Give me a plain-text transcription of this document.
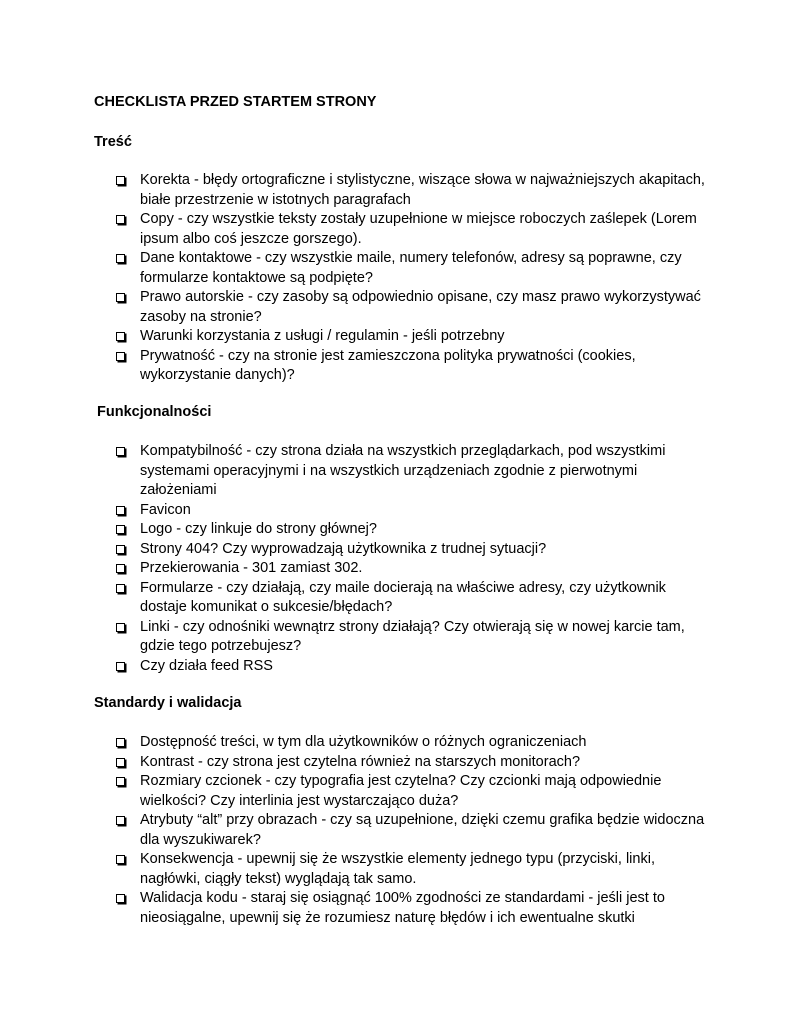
CHECKLISTA PRZED STARTEM STRONY
Treść
Korekta - błędy ortograficzne i stylistyczne, wiszące słowa w najważniejszych akapitach, białe przestrzenie w istotnych paragrafach
Copy - czy wszystkie teksty zostały uzupełnione w miejsce roboczych zaślepek (Lorem ipsum albo coś jeszcze gorszego).
Dane kontaktowe - czy wszystkie maile, numery telefonów, adresy są poprawne, czy formularze kontaktowe są podpięte?
Prawo autorskie - czy zasoby są odpowiednio opisane, czy masz prawo wykorzystywać zasoby na stronie?
Warunki korzystania z usługi / regulamin - jeśli potrzebny
Prywatność - czy na stronie jest zamieszczona polityka prywatności (cookies, wykorzystanie danych)?
Funkcjonalności
Kompatybilność - czy strona działa na wszystkich przeglądarkach, pod wszystkimi systemami operacyjnymi i na wszystkich urządzeniach zgodnie z pierwotnymi założeniami
Favicon
Logo - czy linkuje do strony głównej?
Strony 404? Czy wyprowadzają użytkownika z trudnej sytuacji?
Przekierowania - 301 zamiast 302.
Formularze - czy działają, czy maile docierają na właściwe adresy, czy użytkownik dostaje komunikat o sukcesie/błędach?
Linki - czy odnośniki wewnątrz strony działają? Czy otwierają się w nowej karcie tam, gdzie tego potrzebujesz?
Czy działa feed RSS
Standardy i walidacja
Dostępność treści, w tym dla użytkowników o różnych ograniczeniach
Kontrast - czy strona jest czytelna również na starszych monitorach?
Rozmiary czcionek - czy typografia jest czytelna? Czy czcionki mają odpowiednie wielkości? Czy interlinia jest wystarczająco duża?
Atrybuty “alt” przy obrazach - czy są uzupełnione, dzięki czemu grafika będzie widoczna dla wyszukiwarek?
Konsekwencja - upewnij się że wszystkie elementy jednego typu (przyciski, linki, nagłówki, ciągły tekst) wyglądają tak samo.
Walidacja kodu - staraj się osiągnąć 100% zgodności ze standardami - jeśli jest to nieosiągalne, upewnij się że rozumiesz naturę błędów i ich ewentualne skutki
